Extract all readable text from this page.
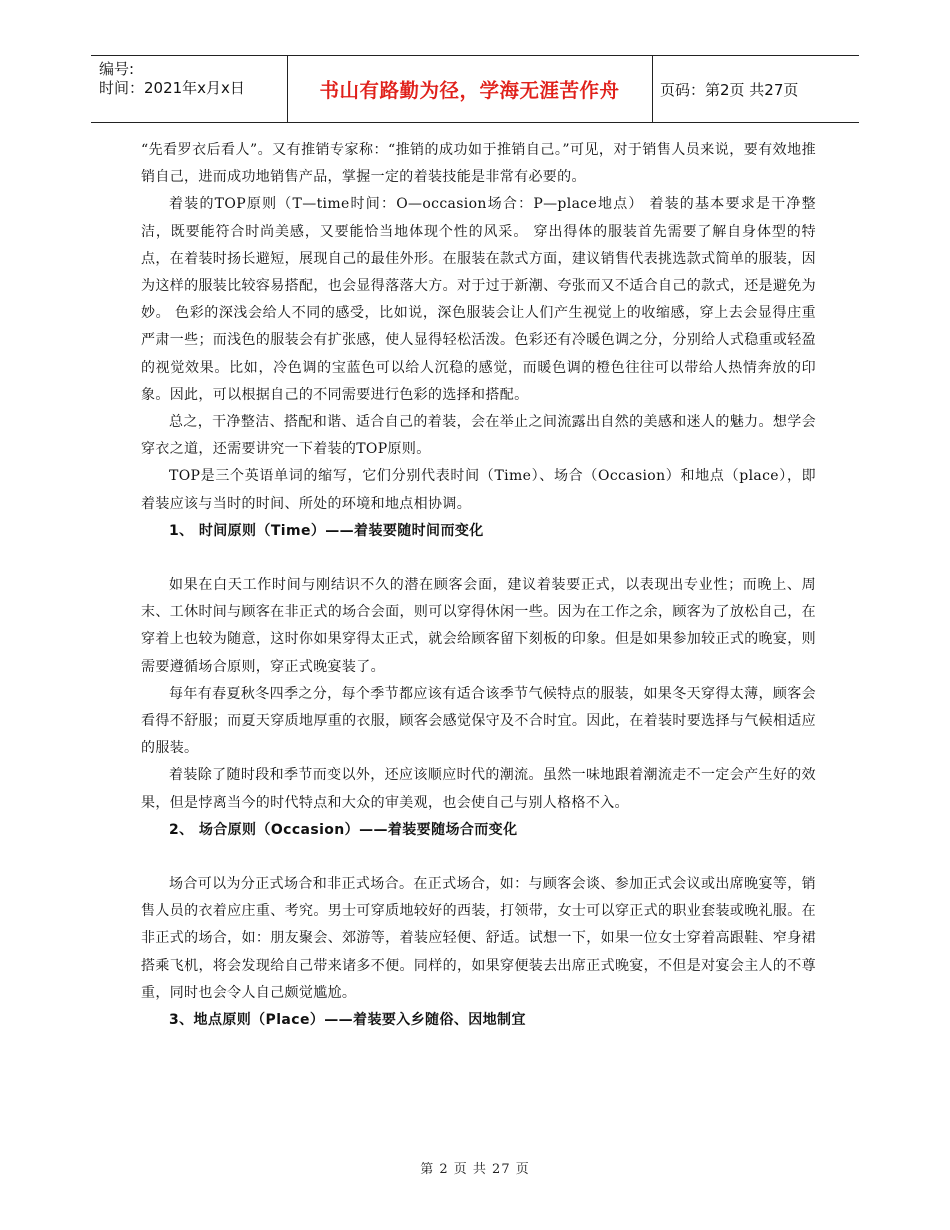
编号:
时间：2021年x月x日	书山有路勤为径，学海无涯苦作舟	页码：第2页 共27页

“先看罗衣后看人”。又有推销专家称：“推销的成功如于推销自己。”可见，对于销售人员来说，要有效地推销自己，进而成功地销售产品，掌握一定的着装技能是非常有必要的。

着装的TOP原则（T—time时间：O—occasion场合：P—place地点） 着装的基本要求是干净整洁，既要能符合时尚美感，又要能恰当地体现个性的风采。 穿出得体的服装首先需要了解自身体型的特点，在着装时扬长避短，展现自己的最佳外形。在服装在款式方面，建议销售代表挑选款式简单的服装，因为这样的服装比较容易搭配，也会显得落落大方。对于过于新潮、夸张而又不适合自己的款式，还是避免为妙。 色彩的深浅会给人不同的感受，比如说，深色服装会让人们产生视觉上的收缩感，穿上去会显得庄重严肃一些；而浅色的服装会有扩张感，使人显得轻松活泼。色彩还有冷暖色调之分，分别给人式稳重或轻盈的视觉效果。比如，冷色调的宝蓝色可以给人沉稳的感觉，而暖色调的橙色往往可以带给人热情奔放的印象。因此，可以根据自己的不同需要进行色彩的选择和搭配。

总之，干净整洁、搭配和谐、适合自己的着装，会在举止之间流露出自然的美感和迷人的魅力。想学会穿衣之道，还需要讲究一下着装的TOP原则。

TOP是三个英语单词的缩写，它们分别代表时间（Time）、场合（Occasion）和地点（place），即着装应该与当时的时间、所处的环境和地点相协调。

1、 时间原则（Time）——着装要随时间而变化

如果在白天工作时间与刚结识不久的潜在顾客会面，建议着装要正式，以表现出专业性；而晚上、周末、工休时间与顾客在非正式的场合会面，则可以穿得休闲一些。因为在工作之余，顾客为了放松自己，在穿着上也较为随意，这时你如果穿得太正式，就会给顾客留下刻板的印象。但是如果参加较正式的晚宴，则需要遵循场合原则，穿正式晚宴装了。

每年有春夏秋冬四季之分，每个季节都应该有适合该季节气候特点的服装，如果冬天穿得太薄，顾客会看得不舒服；而夏天穿质地厚重的衣服，顾客会感觉保守及不合时宜。因此，在着装时要选择与气候相适应的服装。

着装除了随时段和季节而变以外，还应该顺应时代的潮流。虽然一味地跟着潮流走不一定会产生好的效果，但是悖离当今的时代特点和大众的审美观，也会使自己与别人格格不入。

2、 场合原则（Occasion）——着装要随场合而变化

场合可以为分正式场合和非正式场合。在正式场合，如：与顾客会谈、参加正式会议或出席晚宴等，销售人员的衣着应庄重、考究。男士可穿质地较好的西装，打领带，女士可以穿正式的职业套装或晚礼服。在非正式的场合，如：朋友聚会、郊游等，着装应轻便、舒适。试想一下，如果一位女士穿着高跟鞋、窄身裙搭乘飞机，将会发现给自己带来诸多不便。同样的，如果穿便装去出席正式晚宴，不但是对宴会主人的不尊重，同时也会令人自己颇觉尴尬。

3、地点原则（Place）——着装要入乡随俗、因地制宜

第 2 页 共 27 页
